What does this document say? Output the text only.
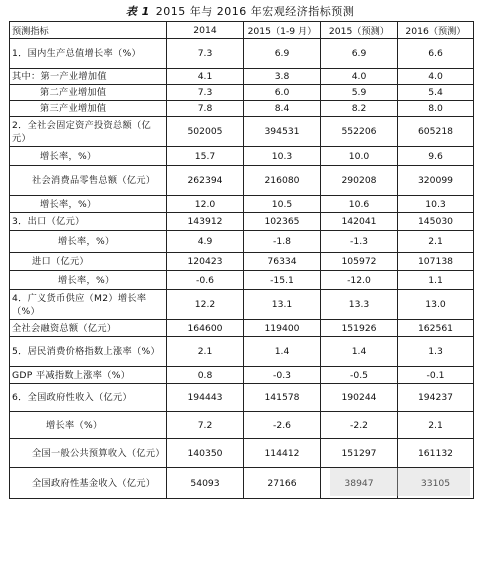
表 1 2015 年与 2016 年宏观经济指标预测
预测指标	2014	2015（1-9 月）	2015（预测）	2016（预测）
1．国内生产总值增长率（%）	7.3	6.9	6.9	6.6
其中：第一产业增加值	4.1	3.8	4.0	4.0
第二产业增加值	7.3	6.0	5.9	5.4
第三产业增加值	7.8	8.4	8.2	8.0
2．全社会固定资产投资总额（亿元）	502005	394531	552206	605218
增长率，%）	15.7	10.3	10.0	9.6
社会消费品零售总额（亿元）	262394	216080	290208	320099
增长率，%）	12.0	10.5	10.6	10.3
3．出口（亿元）	143912	102365	142041	145030
增长率，%）	4.9	-1.8	-1.3	2.1
进口（亿元）	120423	76334	105972	107138
增长率，%）	-0.6	-15.1	-12.0	1.1
4．广义货币供应（M2）增长率（%）	12.2	13.1	13.3	13.0
全社会融资总额（亿元）	164600	119400	151926	162561
5．居民消费价格指数上涨率（%）	2.1	1.4	1.4	1.3
GDP 平减指数上涨率（%）	0.8	-0.3	-0.5	-0.1
6．全国政府性收入（亿元）	194443	141578	190244	194237
增长率（%）	7.2	-2.6	-2.2	2.1
全国一般公共预算收入（亿元）	140350	114412	151297	161132
全国政府性基金收入（亿元）	54093	27166	38947	33105
